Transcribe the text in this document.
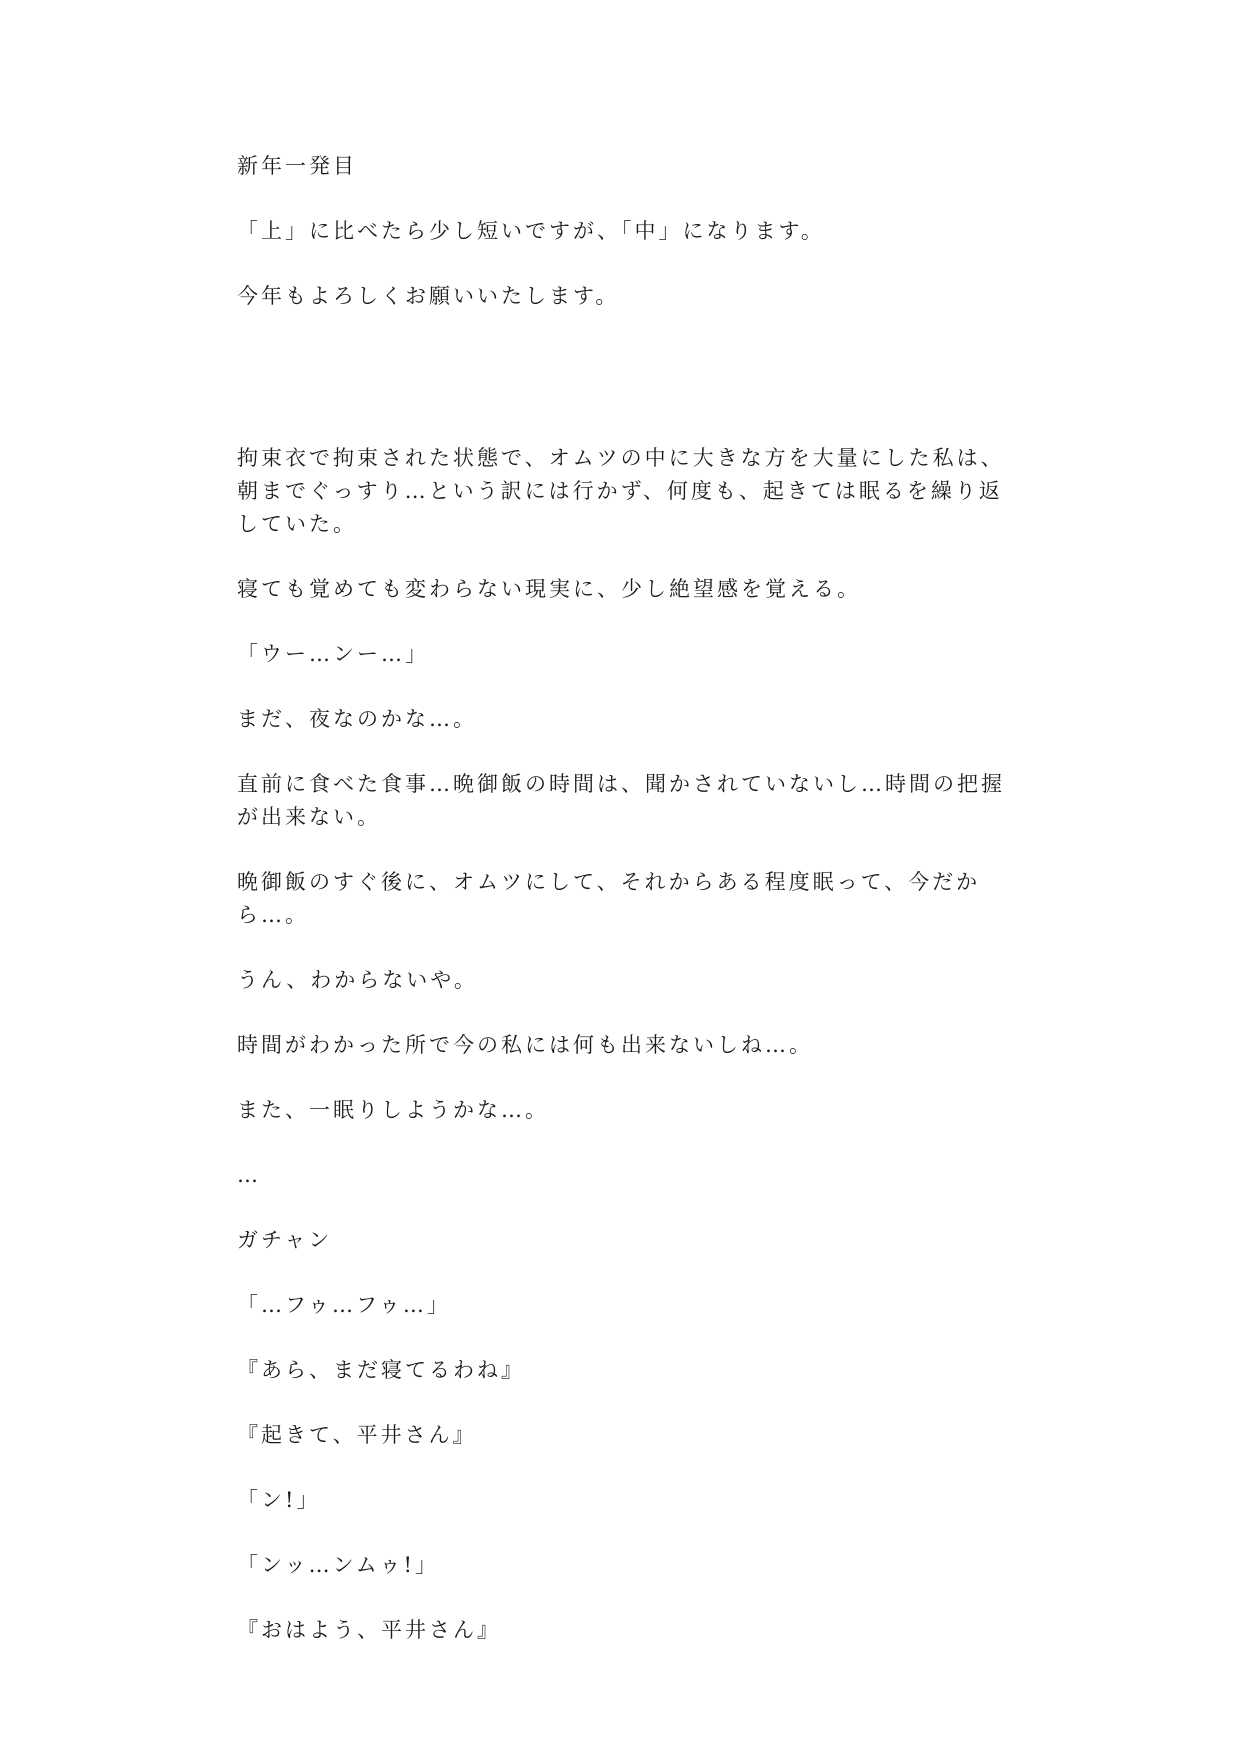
新年一発目

「上」に比べたら少し短いですが、「中」になります。

今年もよろしくお願いいたします。

拘束衣で拘束された状態で、オムツの中に大きな方を大量にした私は、朝までぐっすり…という訳には行かず、何度も、起きては眠るを繰り返していた。

寝ても覚めても変わらない現実に、少し絶望感を覚える。

「ウー…ンー…」

まだ、夜なのかな…。

直前に食べた食事…晩御飯の時間は、聞かされていないし…時間の把握が出来ない。

晩御飯のすぐ後に、オムツにして、それからある程度眠って、今だから…。

うん、わからないや。

時間がわかった所で今の私には何も出来ないしね…。

また、一眠りしようかな…。

…

ガチャン

「…フゥ…フゥ…」

『あら、まだ寝てるわね』

『起きて、平井さん』

「ン!」

「ンッ…ンムゥ!」

『おはよう、平井さん』
